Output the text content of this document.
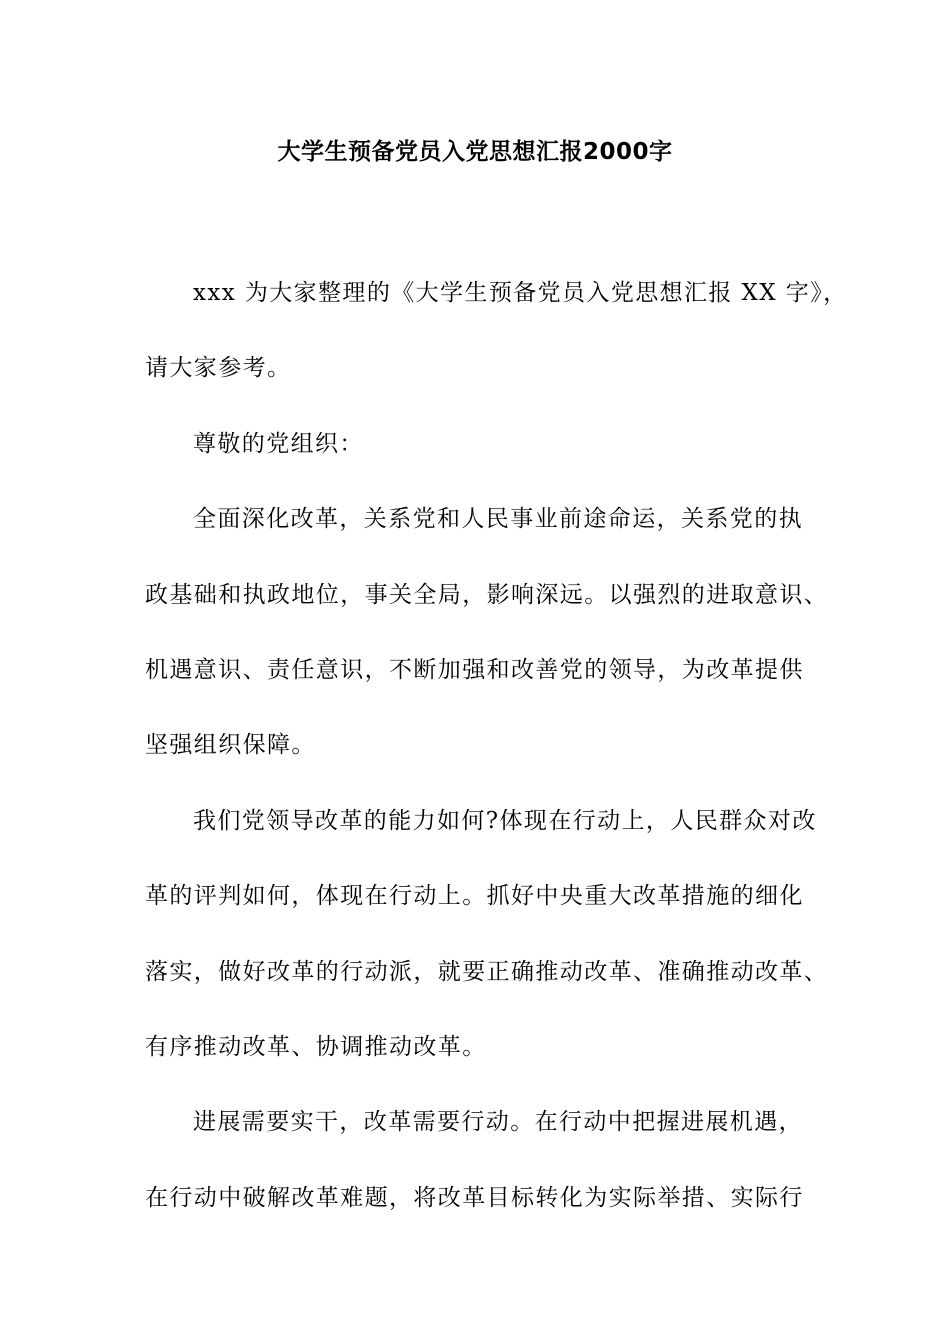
大学生预备党员入党思想汇报2000字
xxx 为大家整理的《大学生预备党员入党思想汇报 XX 字》，
请大家参考。
尊敬的党组织：
全面深化改革，关系党和人民事业前途命运，关系党的执
政基础和执政地位，事关全局，影响深远。以强烈的进取意识、
机遇意识、责任意识，不断加强和改善党的领导，为改革提供
坚强组织保障。
我们党领导改革的能力如何?体现在行动上，人民群众对改
革的评判如何，体现在行动上。抓好中央重大改革措施的细化
落实，做好改革的行动派，就要正确推动改革、准确推动改革、
有序推动改革、协调推动改革。
进展需要实干，改革需要行动。在行动中把握进展机遇，
在行动中破解改革难题，将改革目标转化为实际举措、实际行
